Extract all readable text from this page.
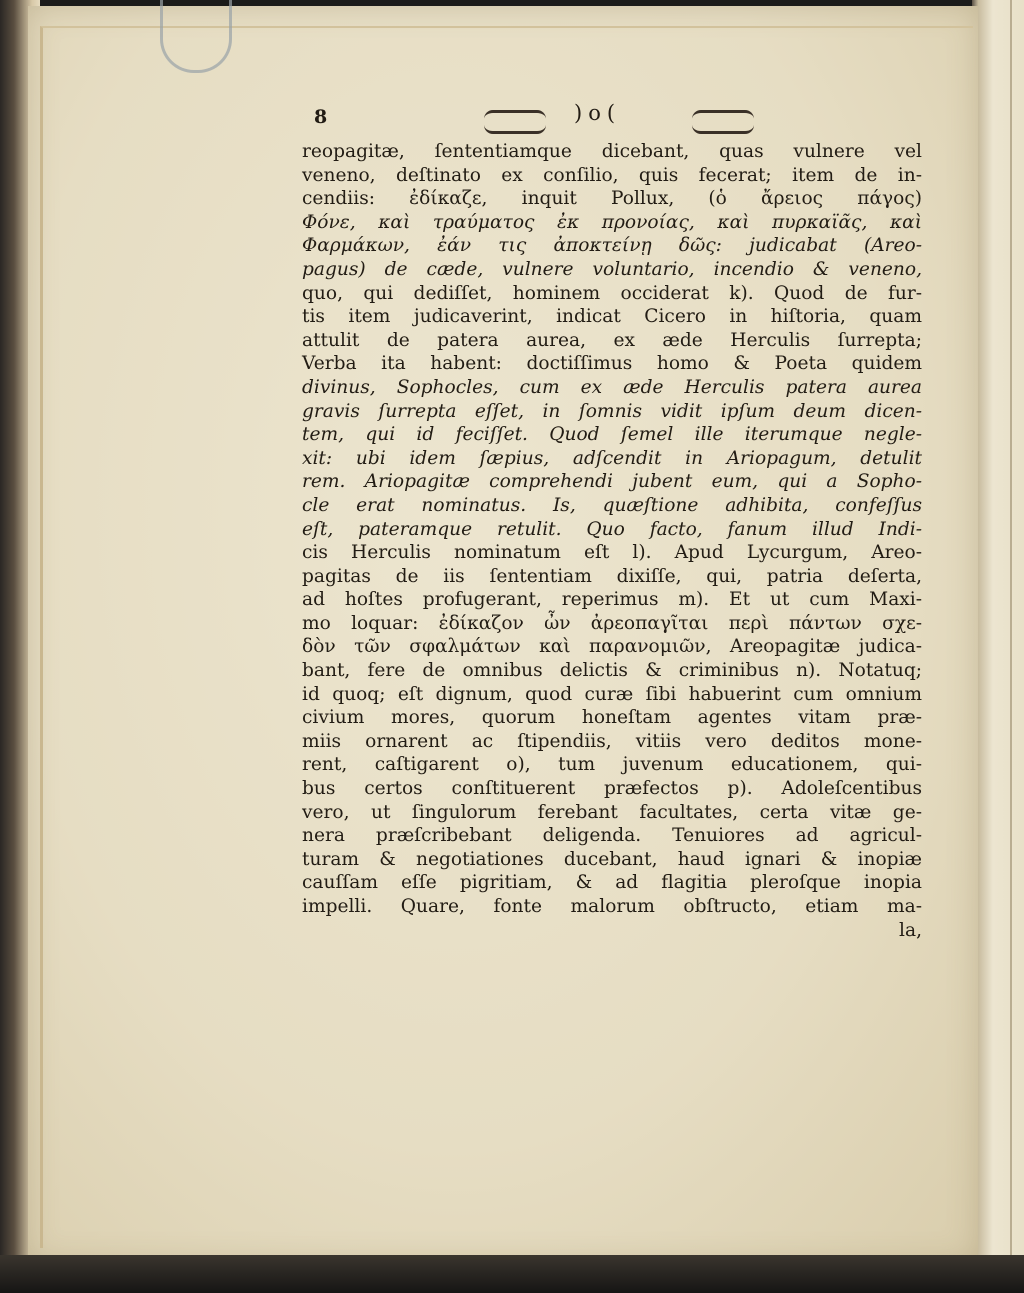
8	)o(
reopagitæ, ſententiamque dicebant, quas vulnere vel
veneno, deſtinato ex conſilio, quis fecerat; item de in-
cendiis: ἐδίκαζε, inquit Pollux, (ὁ ἄρειος πάγος)
Φόνε, καὶ τραύματος ἐκ προνοίας, καὶ πυρκαϊᾶς, καὶ
Φαρμάκων, ἐάν τις ἀποκτείνῃ δῶς: judicabat (Areo-
pagus) de cæde, vulnere voluntario, incendio & veneno,
quo, qui dediſſet, hominem occiderat k). Quod de fur-
tis item judicaverint, indicat Cicero in hiſtoria, quam
attulit de patera aurea, ex æde Herculis ſurrepta;
Verba ita habent: doctiſſimus homo & Poeta quidem
divinus, Sophocles, cum ex æde Herculis patera aurea
gravis ſurrepta eſſet, in ſomnis vidit ipſum deum dicen-
tem, qui id feciſſet. Quod ſemel ille iterumque negle-
xit: ubi idem ſæpius, adſcendit in Ariopagum, detulit
rem. Ariopagitæ comprehendi jubent eum, qui a Sopho-
cle erat nominatus. Is, quæſtione adhibita, confeſſus
eſt, pateramque retulit. Quo facto, fanum illud Indi-
cis Herculis nominatum eſt l). Apud Lycurgum, Areo-
pagitas de iis ſententiam dixiſſe, qui, patria deſerta,
ad hoſtes profugerant, reperimus m). Et ut cum Maxi-
mo loquar: ἐδίκαζον ὦν ἀρεοπαγῖται περὶ πάντων σχε-
δὸν τῶν σφαλμάτων καὶ παρανομιῶν, Areopagitæ judica-
bant, fere de omnibus delictis & criminibus n). Notatuq;
id quoq; eſt dignum, quod curæ ſibi habuerint cum omnium
civium mores, quorum honeſtam agentes vitam præ-
miis ornarent ac ſtipendiis, vitiis vero deditos mone-
rent, caſtigarent o), tum juvenum educationem, qui-
bus certos conſtituerent præfectos p). Adoleſcentibus
vero, ut ſingulorum ferebant facultates, certa vitæ ge-
nera præſcribebant deligenda. Tenuiores ad agricul-
turam & negotiationes ducebant, haud ignari & inopiæ
cauſſam eſſe pigritiam, & ad flagitia pleroſque inopia
impelli. Quare, fonte malorum obſtructo, etiam ma-
la,
